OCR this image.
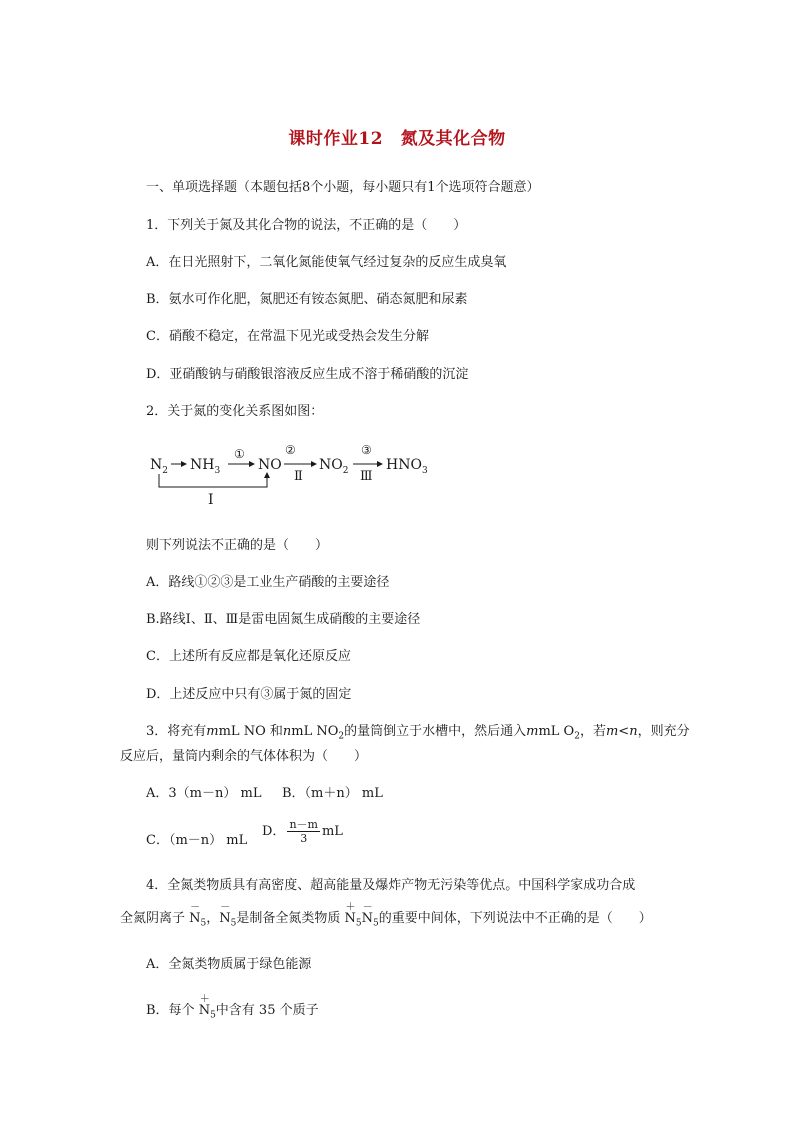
课时作业12　氮及其化合物
一、单项选择题（本题包括8个小题，每小题只有1个选项符合题意）
1．下列关于氮及其化合物的说法，不正确的是（　　）
A．在日光照射下，二氧化氮能使氧气经过复杂的反应生成臭氧
B．氨水可作化肥，氮肥还有铵态氮肥、硝态氮肥和尿素
C．硝酸不稳定，在常温下见光或受热会发生分解
D．亚硝酸钠与硝酸银溶液反应生成不溶于稀硝酸的沉淀
2．关于氮的变化关系图如图：
$N_2$ $NH_3$
①
NO
②
Ⅱ
$NO_2$
③
Ⅲ
$HNO_3$
Ⅰ
则下列说法不正确的是（　　）
A．路线①②③是工业生产硝酸的主要途径
B.路线Ⅰ、Ⅱ、Ⅲ是雷电固氮生成硝酸的主要途径
C．上述所有反应都是氧化还原反应
D．上述反应中只有③属于氮的固定
3．将充有mmL NO 和nmL $NO_2$的量筒倒立于水槽中，然后通入mmL $O_2$，若m<n，则充分
反应后，量筒内剩余的气体体积为（　　）
A．3（m－n） mL B．（m＋n） mL
C．（m－n） mL
D． $\frac{n-m}{3}$ mL
4．全氮类物质具有高密度、超高能量及爆炸产物无污染等优点。中国科学家成功合成
全氮阴离子
－
$N_5$，
－
$N_5$是制备全氮类物质
＋
$N_5$
－
$N_5$的重要中间体，下列说法中不正确的是（　　）
A．全氮类物质属于绿色能源
B．每个
＋
$N_5$中含有 35 个质子
